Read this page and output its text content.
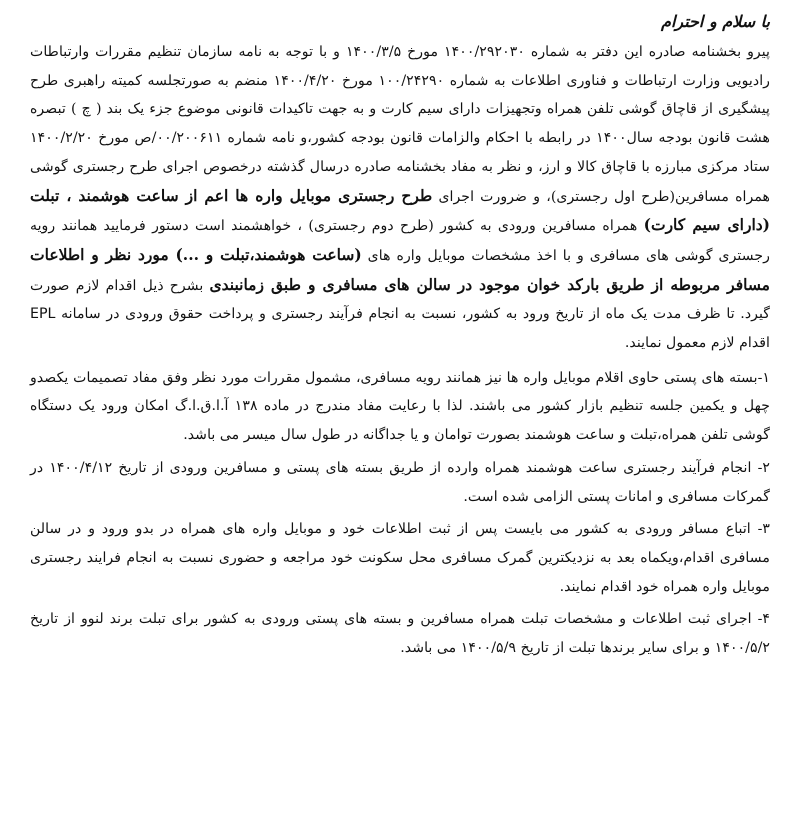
با سلام و احترام

پیرو بخشنامه صادره این دفتر به شماره ۱۴۰۰/۲۹۲۰۳۰ مورخ ۱۴۰۰/۳/۵ و با توجه به نامه سازمان تنظیم مقررات وارتباطات رادیویی وزارت ارتباطات و فناوری اطلاعات به شماره ۱۰۰/۲۴۲۹۰ مورخ ۱۴۰۰/۴/۲۰ منضم به صورتجلسه کمیته راهبری طرح پیشگیری از قاچاق گوشی تلفن همراه وتجهیزات دارای سیم کارت و به جهت تاکیدات قانونی موضوع جزء یک بند ( چ ) تبصره هشت قانون بودجه سال۱۴۰۰ در رابطه با احکام والزامات قانون بودجه کشور،و نامه شماره ۰۰/۲۰۰۶۱۱/ص مورخ ۱۴۰۰/۲/۲۰ ستاد مرکزی مبارزه با قاچاق کالا و ارز، و نظر به مفاد بخشنامه صادره درسال گذشته درخصوص اجرای طرح رجستری گوشی همراه مسافرین(طرح اول رجستری)، و ضرورت اجرای طرح رجستری موبایل واره ها اعم از ساعت هوشمند ، تبلت (دارای سیم کارت) همراه مسافرین ورودی به کشور (طرح دوم رجستری) ، خواهشمند است دستور فرمایید همانند رویه رجستری گوشی های مسافری و با اخذ مشخصات موبایل واره های (ساعت هوشمند،تبلت و ...) مورد نظر و اطلاعات مسافر مربوطه از طریق بارکد خوان موجود در سالن های مسافری و طبق زمانبندی بشرح ذیل اقدام لازم صورت گیرد. تا ظرف مدت یک ماه از تاریخ ورود به کشور، نسبت به انجام فرآیند رجستری و پرداخت حقوق ورودی در سامانه EPL اقدام لازم معمول نمایند.

۱-بسته های پستی حاوی اقلام موبایل واره ها نیز همانند رویه مسافری، مشمول مقررات مورد نظر وفق مفاد تصمیمات یکصدو چهل و یکمین جلسه تنظیم بازار کشور می باشند. لذا با رعایت مفاد مندرج در ماده ۱۳۸ آ.ا.ق.ا.گ امکان ورود یک دستگاه گوشی تلفن همراه،تبلت و ساعت هوشمند بصورت توامان و یا جداگانه در طول سال میسر می باشد.

۲- انجام فرآیند رجستری ساعت هوشمند همراه وارده از طریق بسته های پستی و مسافرین ورودی از تاریخ ۱۴۰۰/۴/۱۲ در گمرکات مسافری و امانات پستی الزامی شده است.

۳- اتباع مسافر ورودی به کشور می بایست پس از ثبت اطلاعات خود و موبایل واره های همراه در بدو ورود و در سالن مسافری اقدام،ویکماه بعد به نزدیکترین گمرک مسافری محل سکونت خود مراجعه و حضوری نسبت به انجام فرایند رجستری موبایل واره همراه خود اقدام نمایند.

۴- اجرای ثبت اطلاعات و مشخصات تبلت همراه مسافرین و بسته های پستی ورودی به کشور برای تبلت برند لنوو از تاریخ ۱۴۰۰/۵/۲ و برای سایر برندها تبلت از تاریخ ۱۴۰۰/۵/۹ می باشد.
